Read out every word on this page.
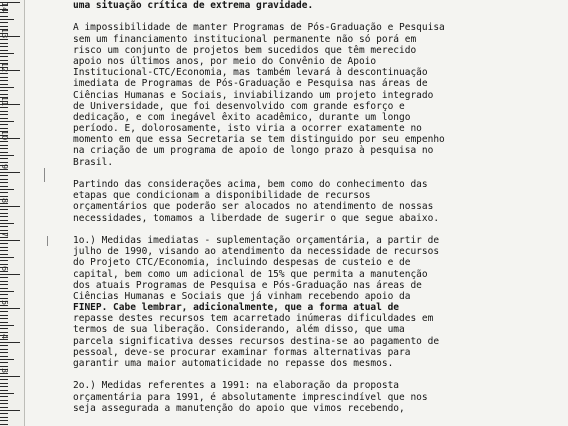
14
13
12
11
10
9
8
7
6
5
4
3
uma situação crítica de extrema gravidade.
A impossibilidade de manter Programas de Pós-Graduação e Pesquisa
sem um financiamento institucional permanente não só porá em
risco um conjunto de projetos bem sucedidos que têm merecido
apoio nos últimos anos, por meio do Convênio de Apoio
Institucional-CTC/Economia, mas também levará à descontinuação
imediata de Programas de Pós-Graduação e Pesquisa nas áreas de
Ciências Humanas e Sociais, inviabilizando um projeto integrado
de Universidade, que foi desenvolvido com grande esforço e
dedicação, e com inegável êxito acadêmico, durante um longo
período. E, dolorosamente, isto viria a ocorrer exatamente no
momento em que essa Secretaria se tem distinguido por seu empenho
na criação de um programa de apoio de longo prazo à pesquisa no
Brasil.
Partindo das considerações acima, bem como do conhecimento das
etapas que condicionam a disponibilidade de recursos
orçamentários que poderão ser alocados no atendimento de nossas
necessidades, tomamos a liberdade de sugerir o que segue abaixo.
1o.) Medidas imediatas - suplementação orçamentária, a partir de
julho de 1990, visando ao atendimento da necessidade de recursos
do Projeto CTC/Economia, incluindo despesas de custeio e de
capital, bem como um adicional de 15% que permita a manutenção
dos atuais Programas de Pesquisa e Pós-Graduação nas áreas de
Ciências Humanas e Sociais que já vinham recebendo apoio da
FINEP. Cabe lembrar, adicionalmente, que a forma atual de
repasse destes recursos tem acarretado inúmeras dificuldades em
termos de sua liberação. Considerando, além disso, que uma
parcela significativa desses recursos destina-se ao pagamento de
pessoal, deve-se procurar examinar formas alternativas para
garantir uma maior automaticidade no repasse dos mesmos.
2o.) Medidas referentes a 1991: na elaboração da proposta
orçamentária para 1991, é absolutamente imprescindível que nos
seja assegurada a manutenção do apoio que vimos recebendo,
